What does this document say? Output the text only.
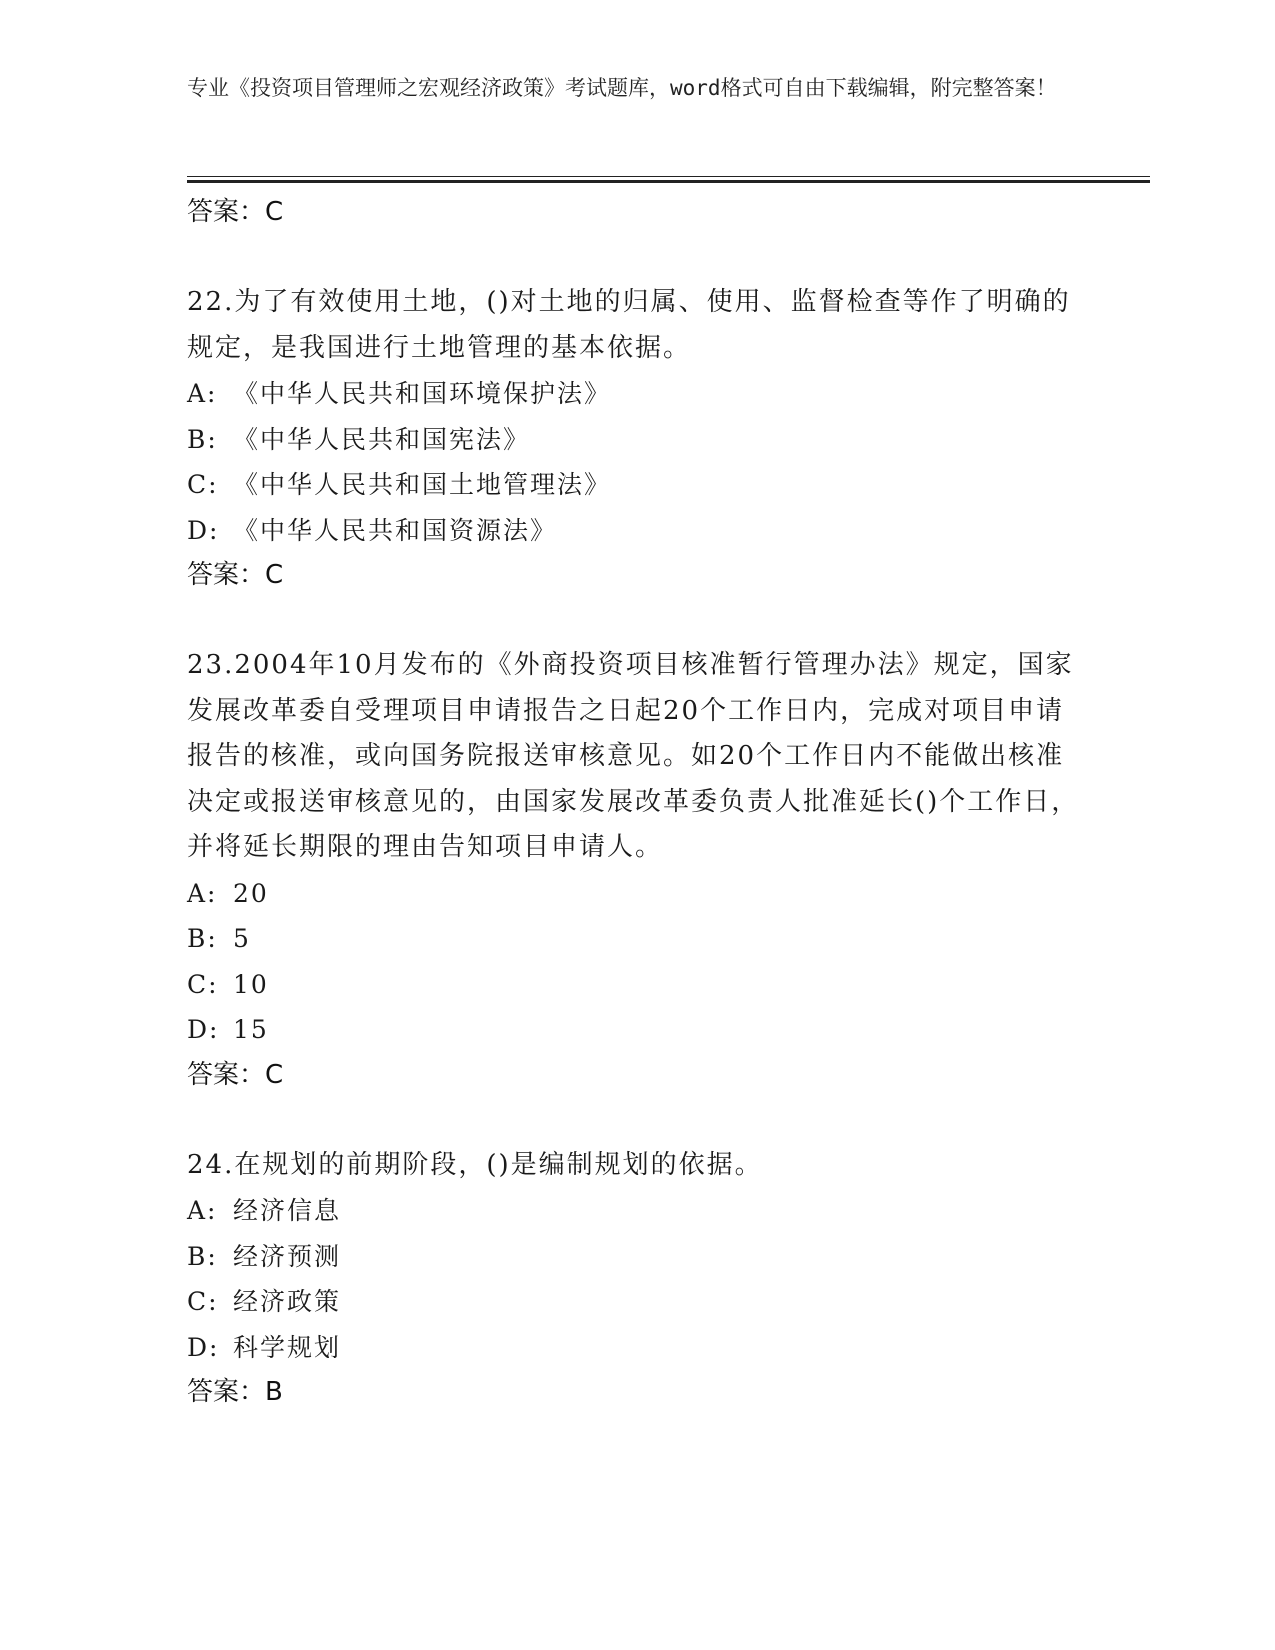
专业《投资项目管理师之宏观经济政策》考试题库，word格式可自由下载编辑，附完整答案！
答案：C
22.为了有效使用土地，()对土地的归属、使用、监督检查等作了明确的规定，是我国进行土地管理的基本依据。
A: 《中华人民共和国环境保护法》
B: 《中华人民共和国宪法》
C: 《中华人民共和国土地管理法》
D: 《中华人民共和国资源法》
答案：C
23.2004年10月发布的《外商投资项目核准暂行管理办法》规定，国家发展改革委自受理项目申请报告之日起20个工作日内，完成对项目申请报告的核准，或向国务院报送审核意见。如20个工作日内不能做出核准决定或报送审核意见的，由国家发展改革委负责人批准延长()个工作日，并将延长期限的理由告知项目申请人。
A: 20
B: 5
C: 10
D: 15
答案：C
24.在规划的前期阶段，()是编制规划的依据。
A: 经济信息
B: 经济预测
C: 经济政策
D: 科学规划
答案：B
